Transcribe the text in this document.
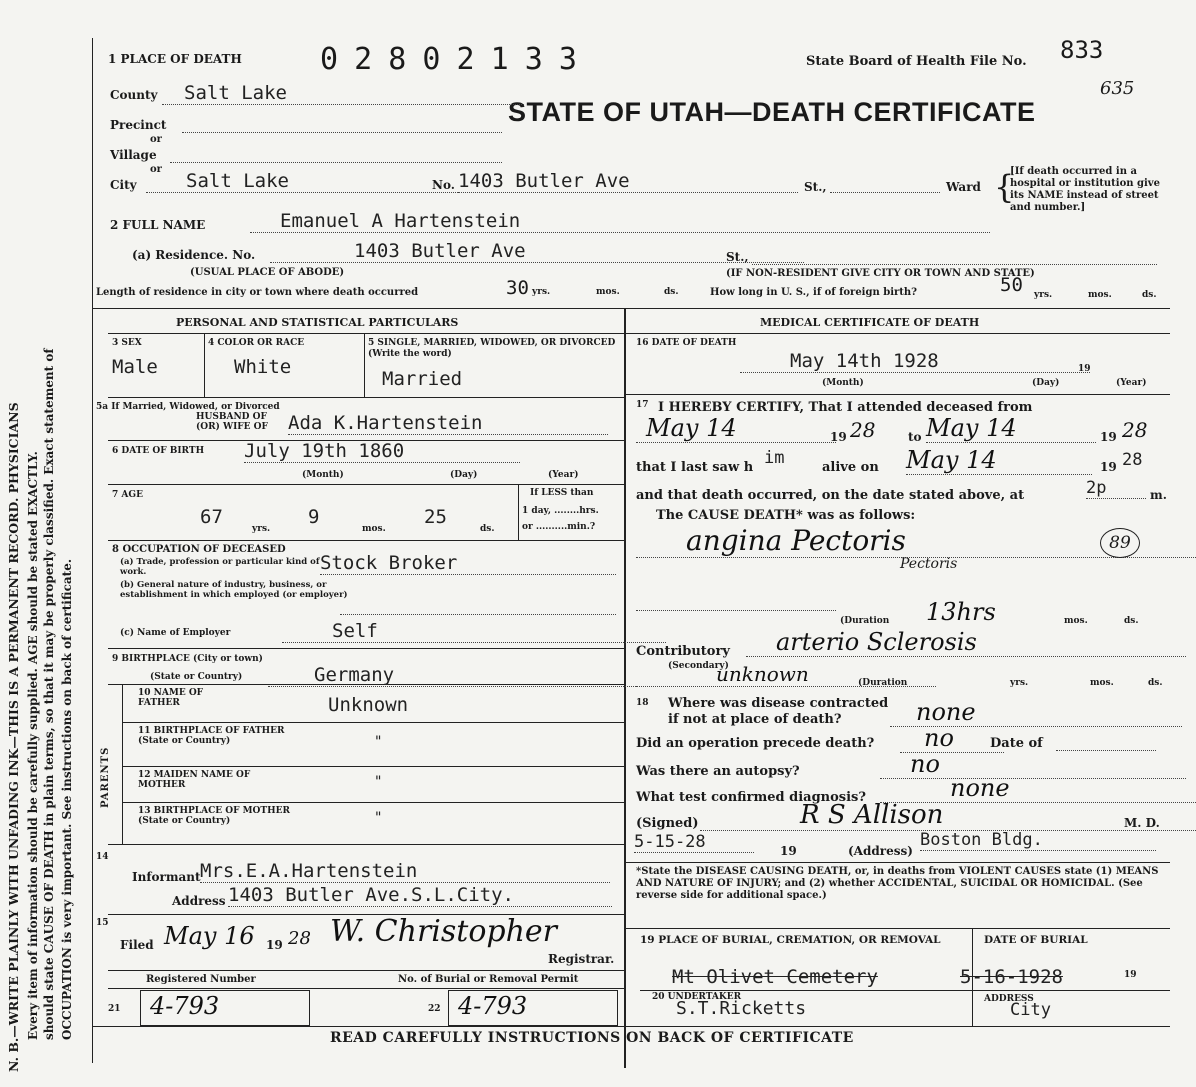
N. B.—WRITE PLAINLY WITH UNFADING INK—THIS IS A PERMANENT RECORD. PHYSICIANS Every item of information should be carefully supplied. AGE should be stated EXACTLY. should state CAUSE OF DEATH in plain terms, so that it may be properly classified. Exact statement of OCCUPATION is very important. See instructions on back of certificate.
1 PLACE OF DEATH	0 2 8 0 2 1 3 3	State Board of Health File No. 833
635
STATE OF UTAH—DEATH CERTIFICATE
County	Salt Lake
Precinct
or
Village
or
City	Salt Lake	No. 1403 Butler Ave	St.,	Ward {
[If death occurred in a hospital or institution give its NAME instead of street and number.]
2 FULL NAME	Emanuel A Hartenstein
(a) Residence. No.	1403 Butler Ave	St.,
(USUAL PLACE OF ABODE)	(IF NON-RESIDENT GIVE CITY OR TOWN AND STATE)
Length of residence in city or town where death occurred	30 yrs.	mos.	ds.	How long in U. S., if of foreign birth?	50 yrs.	mos.	ds.
PERSONAL AND STATISTICAL PARTICULARS
3 SEX
Male
4 COLOR OR RACE
White
5 SINGLE, MARRIED, WIDOWED, OR DIVORCED (Write the word)
Married
5a If Married, Widowed, or Divorced
HUSBAND OF
(OR) WIFE OF Ada K.Hartenstein
6 DATE OF BIRTH July 19th 1860
(Month)	(Day)	(Year)
7 AGE
67
yrs.
9
mos.
25
ds.
If LESS than
1 day, ........hrs.
or ..........min.?
8 OCCUPATION OF DECEASED
(a) Trade, profession or particular kind of work.	Stock Broker
(b) General nature of industry, business, or establishment in which employed (or employer)
(c) Name of Employer	Self
9 BIRTHPLACE (City or town)
(State or Country)	Germany
PARENTS
10 NAME OF FATHER	Unknown
11 BIRTHPLACE OF FATHER (State or Country)	"
12 MAIDEN NAME OF MOTHER	"
13 BIRTHPLACE OF MOTHER (State or Country)	"
14
Informant Mrs.E.A.Hartenstein
Address 1403 Butler Ave.S.L.City.
15
Filed May 16 19 28 W. Christopher
Registrar.
Registered Number	No. of Burial or Removal Permit
21 4-793	22 4-793
MEDICAL CERTIFICATE OF DEATH
16 DATE OF DEATH
May 14th 1928	19
(Month)	(Day)	(Year)
17 I HEREBY CERTIFY, That I attended deceased from
May 14	19 28	to May 14	19 28
that I last saw h im	alive on May 14	19 28
and that death occurred, on the date stated above, at	2p	m.
The CAUSE DEATH* was as follows:
angina Pectoris	89
Pectoris
(Duration 13hrs	mos.	ds.
Contributory	arterio Sclerosis
(Secondary)
unknown	(Duration	yrs.	mos.	ds.
18 Where was disease contracted
if not at place of death?	none
Did an operation precede death?	no	Date of
Was there an autopsy?	no
What test confirmed diagnosis?	none
(Signed)	R S Allison	M. D.
5-15-28	19	(Address)
Boston Bldg.
*State the DISEASE CAUSING DEATH, or, in deaths from VIOLENT CAUSES state (1) MEANS AND NATURE OF INJURY; and (2) whether ACCIDENTAL, SUICIDAL OR HOMICIDAL. (See reverse side for additional space.)
19 PLACE OF BURIAL, CREMATION, OR REMOVAL
Mt Olivet Cemetery
DATE OF BURIAL
5-16-1928	19
20 UNDERTAKER
S.T.Ricketts	ADDRESS
City
READ CAREFULLY INSTRUCTIONS ON BACK OF CERTIFICATE
